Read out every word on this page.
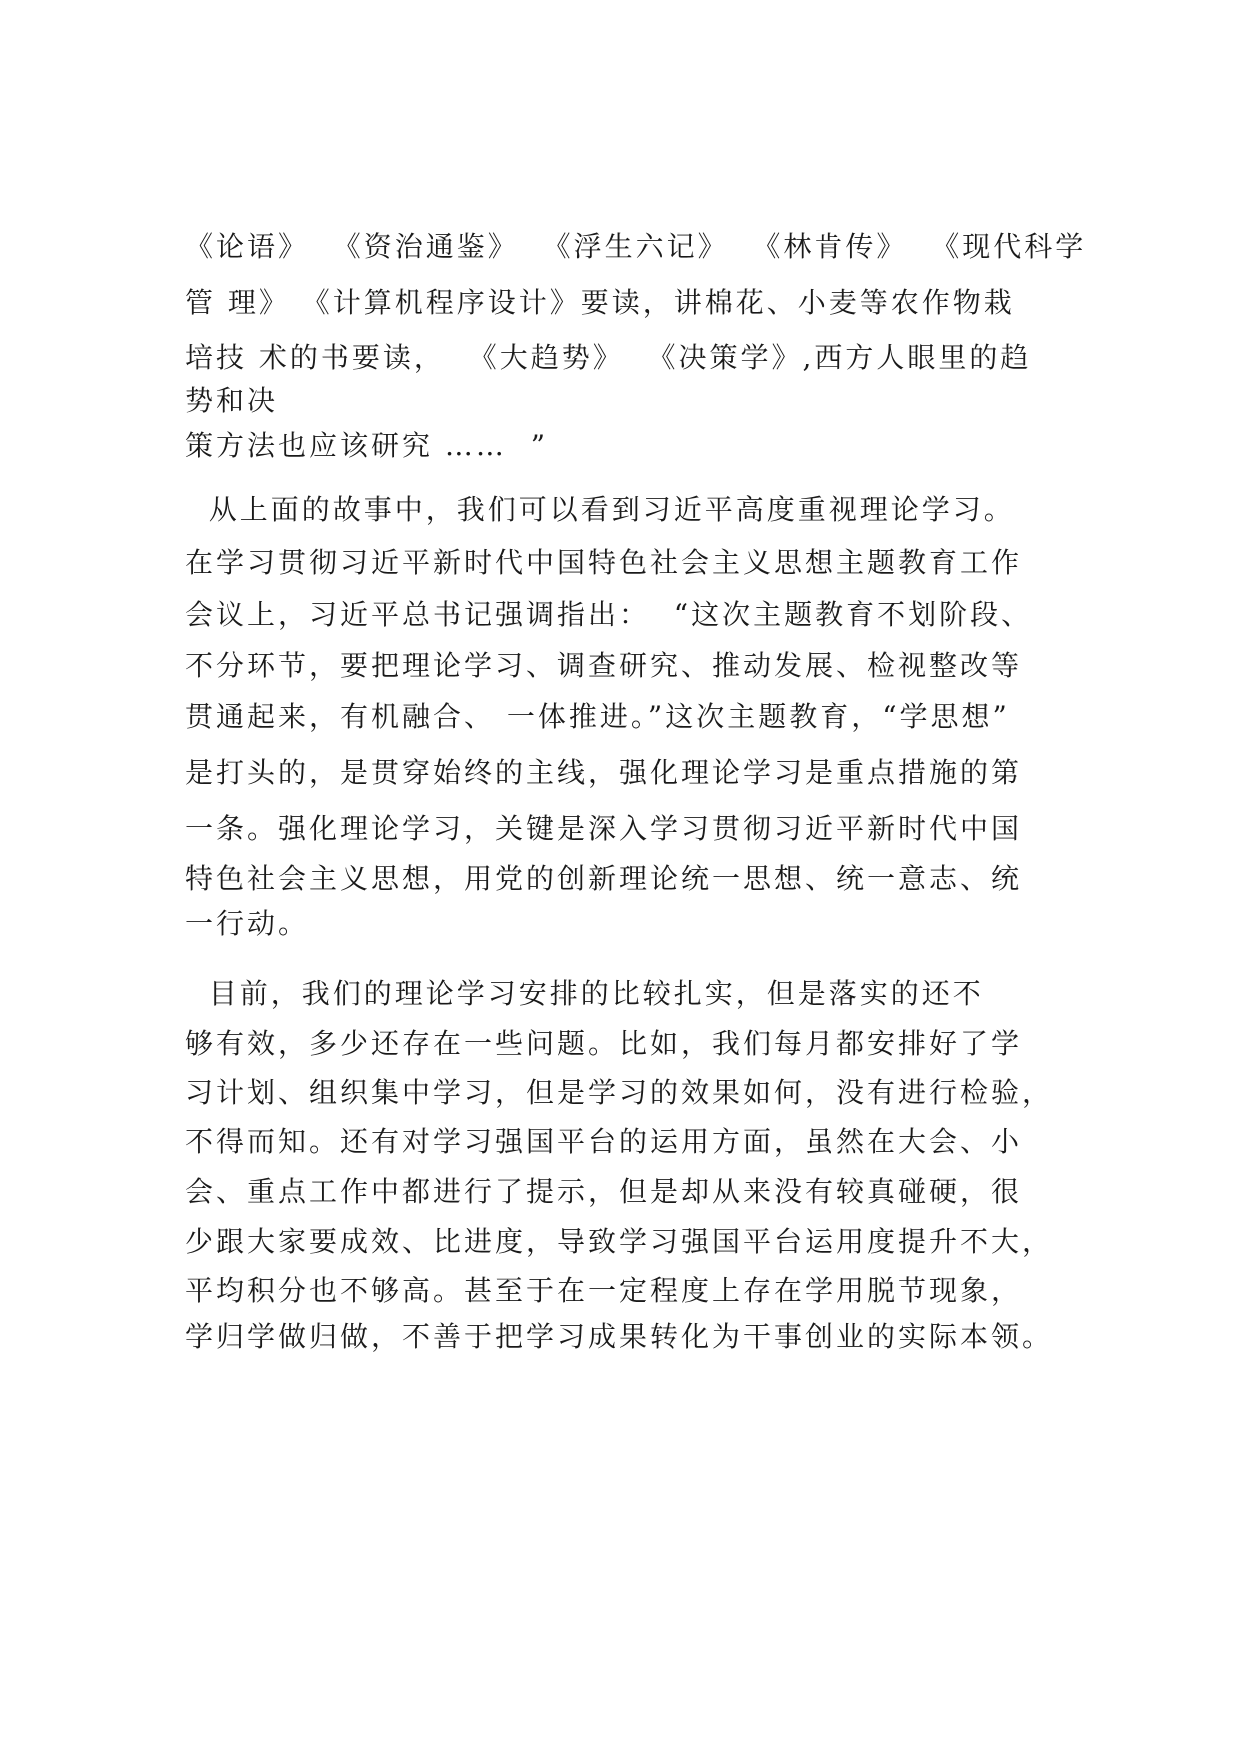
《论语》  《资治通鉴》  《浮生六记》  《林肯传》  《现代科学
管 理》 《计算机程序设计》要读，讲棉花、小麦等农作物栽
培技 术的书要读，  《大趋势》  《决策学》,西方人眼里的趋
势和决
策方法也应该研究 ……  ”
从上面的故事中，我们可以看到习近平高度重视理论学习。
在学习贯彻习近平新时代中国特色社会主义思想主题教育工作
会议上，习近平总书记强调指出：  “这次主题教育不划阶段、
不分环节，要把理论学习、调查研究、推动发展、检视整改等
贯通起来，有机融合、 一体推进。”这次主题教育，“学思想”
是打头的，是贯穿始终的主线，强化理论学习是重点措施的第
一条。强化理论学习，关键是深入学习贯彻习近平新时代中国
特色社会主义思想，用党的创新理论统一思想、统一意志、统
一行动。
目前，我们的理论学习安排的比较扎实，但是落实的还不
够有效，多少还存在一些问题。比如，我们每月都安排好了学
习计划、组织集中学习，但是学习的效果如何，没有进行检验，
不得而知。还有对学习强国平台的运用方面，虽然在大会、小
会、重点工作中都进行了提示，但是却从来没有较真碰硬，很
少跟大家要成效、比进度，导致学习强国平台运用度提升不大，
平均积分也不够高。甚至于在一定程度上存在学用脱节现象，
学归学做归做，不善于把学习成果转化为干事创业的实际本领。
